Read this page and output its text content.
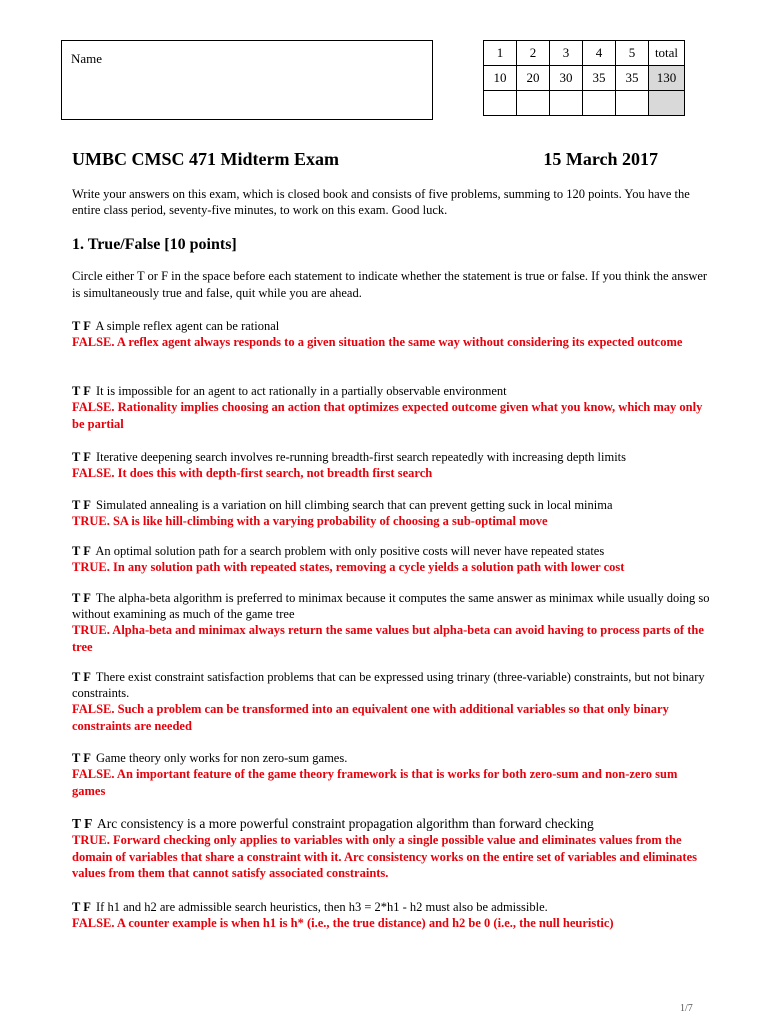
Name	1	2	3	4	5	total
10	20	30	35	35	130

UMBC CMSC 471 Midterm Exam	15 March 2017
Write your answers on this exam, which is closed book and consists of five problems, summing to 120 points. You have the entire class period, seventy-five minutes, to work on this exam. Good luck.
1. True/False [10 points]
Circle either T or F in the space before each statement to indicate whether the statement is true or false. If you think the answer is simultaneously true and false, quit while you are ahead.
T F A simple reflex agent can be rational
FALSE. A reflex agent always responds to a given situation the same way without considering its expected outcome
T F It is impossible for an agent to act rationally in a partially observable environment
FALSE. Rationality implies choosing an action that optimizes expected outcome given what you know, which may only be partial
T F Iterative deepening search involves re-running breadth-first search repeatedly with increasing depth limits
FALSE. It does this with depth-first search, not breadth first search
T F Simulated annealing is a variation on hill climbing search that can prevent getting suck in local minima
TRUE. SA is like hill-climbing with a varying probability of choosing a sub-optimal move
T F An optimal solution path for a search problem with only positive costs will never have repeated states
TRUE. In any solution path with repeated states, removing a cycle yields a solution path with lower cost
T F The alpha-beta algorithm is preferred to minimax because it computes the same answer as minimax while usually doing so without examining as much of the game tree
TRUE. Alpha-beta and minimax always return the same values but alpha-beta can avoid having to process parts of the tree
T F There exist constraint satisfaction problems that can be expressed using trinary (three-variable) constraints, but not binary constraints.
FALSE. Such a problem can be transformed into an equivalent one with additional variables so that only binary constraints are needed
T F Game theory only works for non zero-sum games.
FALSE. An important feature of the game theory framework is that is works for both zero-sum and non-zero sum games
T F Arc consistency is a more powerful constraint propagation algorithm than forward checking
TRUE. Forward checking only applies to variables with only a single possible value and eliminates values from the domain of variables that share a constraint with it. Arc consistency works on the entire set of variables and eliminates values from them that cannot satisfy associated constraints.
T F If h1 and h2 are admissible search heuristics, then h3 = 2*h1 - h2 must also be admissible.
FALSE. A counter example is when h1 is h* (i.e., the true distance) and h2 be 0 (i.e., the null heuristic)
1/7
